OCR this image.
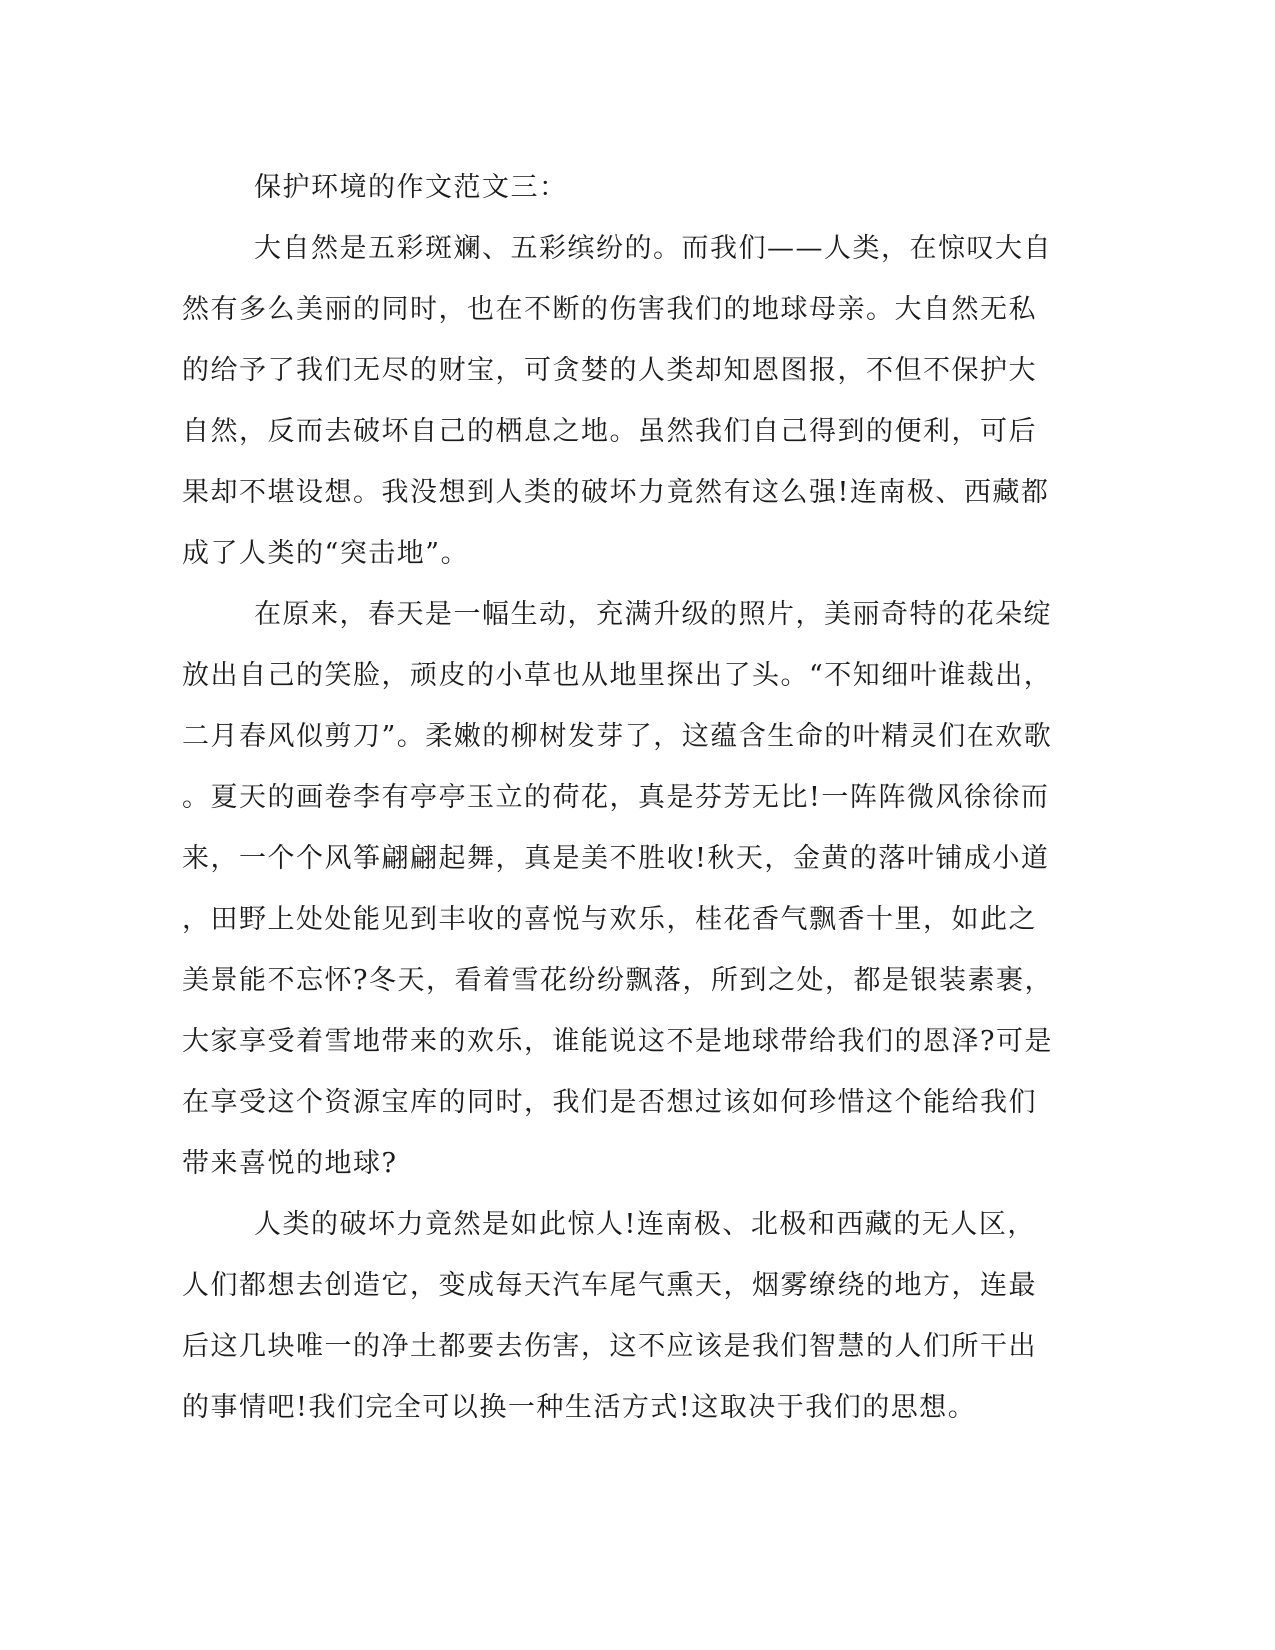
保护环境的作文范文三：
大自然是五彩斑斓、五彩缤纷的。而我们——人类，在惊叹大自
然有多么美丽的同时，也在不断的伤害我们的地球母亲。大自然无私
的给予了我们无尽的财宝，可贪婪的人类却知恩图报，不但不保护大
自然，反而去破坏自己的栖息之地。虽然我们自己得到的便利，可后
果却不堪设想。我没想到人类的破坏力竟然有这么强!连南极、西藏都
成了人类的“突击地”。
在原来，春天是一幅生动，充满升级的照片，美丽奇特的花朵绽
放出自己的笑脸，顽皮的小草也从地里探出了头。“不知细叶谁裁出，
二月春风似剪刀”。柔嫩的柳树发芽了，这蕴含生命的叶精灵们在欢歌
。夏天的画卷李有亭亭玉立的荷花，真是芬芳无比!一阵阵微风徐徐而
来，一个个风筝翩翩起舞，真是美不胜收!秋天，金黄的落叶铺成小道
，田野上处处能见到丰收的喜悦与欢乐，桂花香气飘香十里，如此之
美景能不忘怀?冬天，看着雪花纷纷飘落，所到之处，都是银装素裹，
大家享受着雪地带来的欢乐，谁能说这不是地球带给我们的恩泽?可是
在享受这个资源宝库的同时，我们是否想过该如何珍惜这个能给我们
带来喜悦的地球?
人类的破坏力竟然是如此惊人!连南极、北极和西藏的无人区，
人们都想去创造它，变成每天汽车尾气熏天，烟雾缭绕的地方，连最
后这几块唯一的净土都要去伤害，这不应该是我们智慧的人们所干出
的事情吧!我们完全可以换一种生活方式!这取决于我们的思想。
